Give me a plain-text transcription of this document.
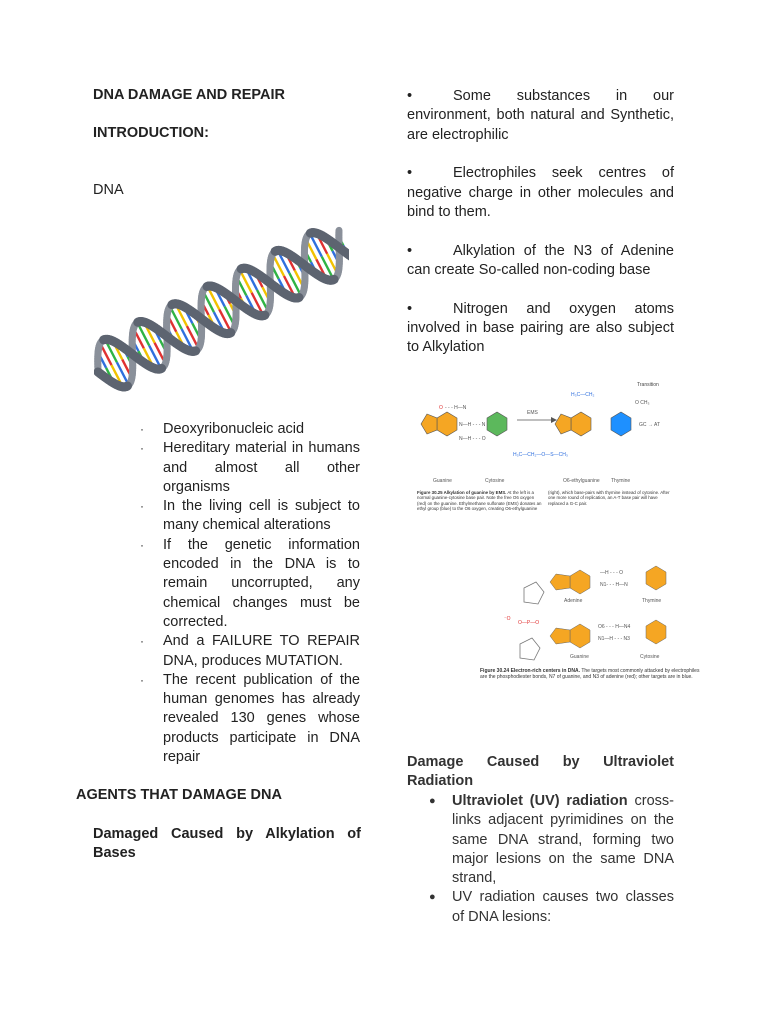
DNA DAMAGE AND REPAIR
INTRODUCTION:
DNA
· Deoxyribonucleic acid
· Hereditary material in humans and almost all other organisms
· In the living cell is subject to many chemical alterations
· If the genetic information encoded in the DNA is to remain uncorrupted, any chemical changes must be corrected.
· And a FAILURE TO REPAIR DNA, produces MUTATION.
· The recent publication of the human genomes has already revealed 130 genes whose products participate in DNA repair
AGENTS THAT DAMAGE DNA
Damaged Caused by Alkylation of Bases
•	Some substances in our environment, both natural and Synthetic, are electrophilic
•	Electrophiles seek centres of negative charge in other molecules and bind to them.
•	Alkylation of the N3 of Adenine can create So-called non-coding base
•	Nitrogen and oxygen atoms involved in base pairing are also subject to Alkylation
Transition
O - - - H—N
N—H - - - N
N—H - - - O
Guanine	Cytosine
EMS
H₃C—CH₂—O—S—CH₃
H₃C—CH₂
O CH₃
GC → AT
O6-ethylguanine Thymine
Figure 30.25 Alkylation of guanine by EMS. At the left is a normal guanine-cytosine base pair. Note the free O6 oxygen (red) on the guanine. Ethylmethane sulfonate (EMS) donates an ethyl group (blue) to the O6 oxygen, creating O6-ethylguanine (right), which base-pairs with thymine instead of cytosine. After one more round of replication, an A-T base pair will have replaced a G-C pair.
O—P—O
⁻O
Adenine
—H - - - O
N1- - - H—N
Thymine
Guanine
O6 - - - H—N4
N1—H - - - N3
Cytosine
Figure 30.24 Electron-rich centers in DNA. The targets most commonly attacked by electrophiles are the phosphodiester bonds, N7 of guanine, and N3 of adenine (red); other targets are in blue.
Damage Caused by Ultraviolet Radiation
● Ultraviolet (UV) radiation cross-links adjacent pyrimidines on the same DNA strand, forming two major lesions on the same DNA strand,
● UV radiation causes two classes of DNA lesions:
